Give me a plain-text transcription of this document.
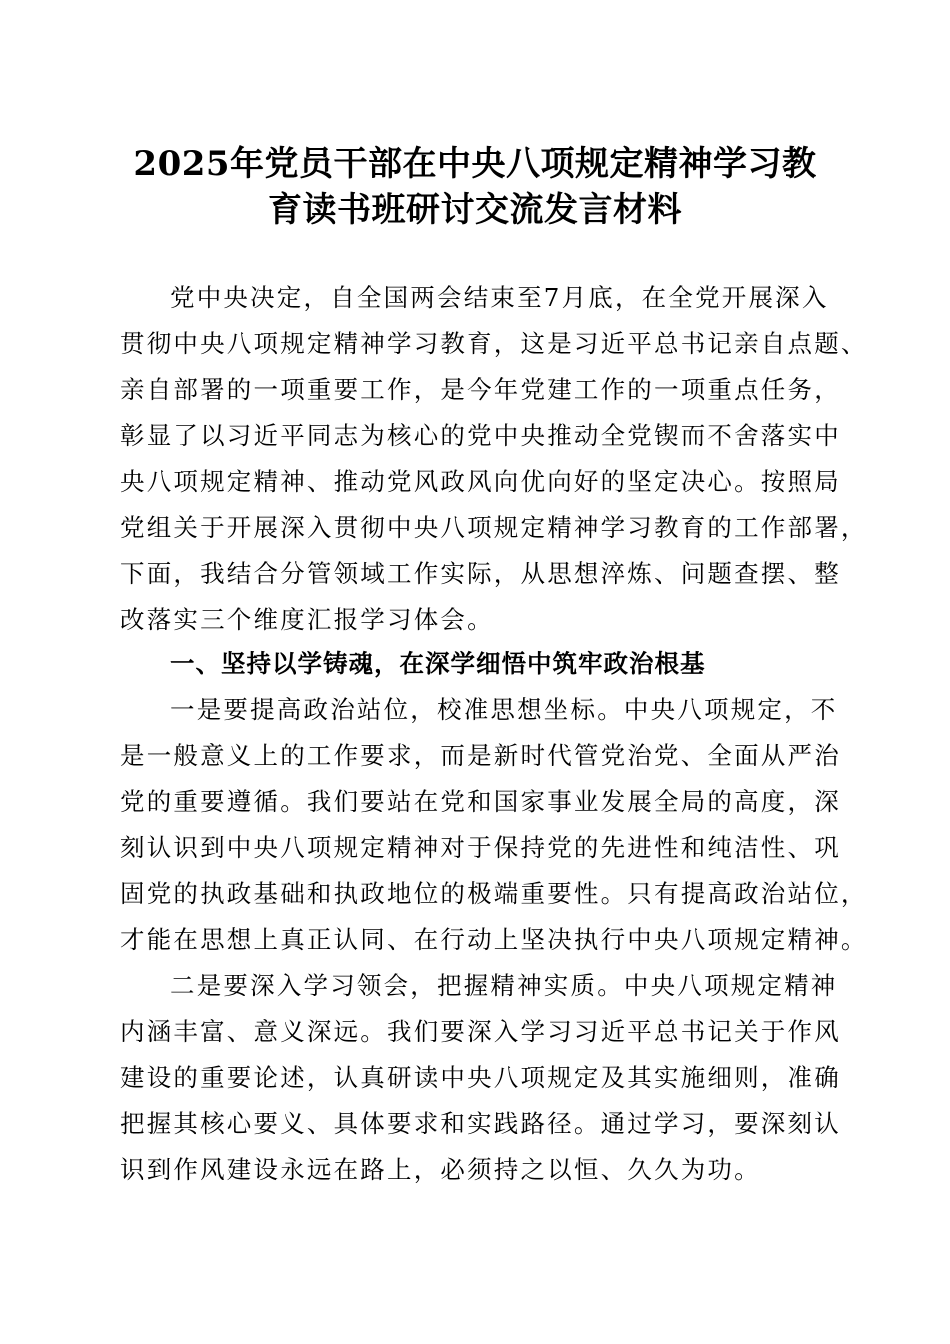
2025年党员干部在中央八项规定精神学习教
育读书班研讨交流发言材料
党中央决定，自全国两会结束至7月底，在全党开展深入
贯彻中央八项规定精神学习教育，这是习近平总书记亲自点题、
亲自部署的一项重要工作，是今年党建工作的一项重点任务，
彰显了以习近平同志为核心的党中央推动全党锲而不舍落实中
央八项规定精神、推动党风政风向优向好的坚定决心。按照局
党组关于开展深入贯彻中央八项规定精神学习教育的工作部署，
下面，我结合分管领域工作实际，从思想淬炼、问题查摆、整
改落实三个维度汇报学习体会。
一、坚持以学铸魂，在深学细悟中筑牢政治根基
一是要提高政治站位，校准思想坐标。中央八项规定，不
是一般意义上的工作要求，而是新时代管党治党、全面从严治
党的重要遵循。我们要站在党和国家事业发展全局的高度，深
刻认识到中央八项规定精神对于保持党的先进性和纯洁性、巩
固党的执政基础和执政地位的极端重要性。只有提高政治站位，
才能在思想上真正认同、在行动上坚决执行中央八项规定精神。
二是要深入学习领会，把握精神实质。中央八项规定精神
内涵丰富、意义深远。我们要深入学习习近平总书记关于作风
建设的重要论述，认真研读中央八项规定及其实施细则，准确
把握其核心要义、具体要求和实践路径。通过学习，要深刻认
识到作风建设永远在路上，必须持之以恒、久久为功。
